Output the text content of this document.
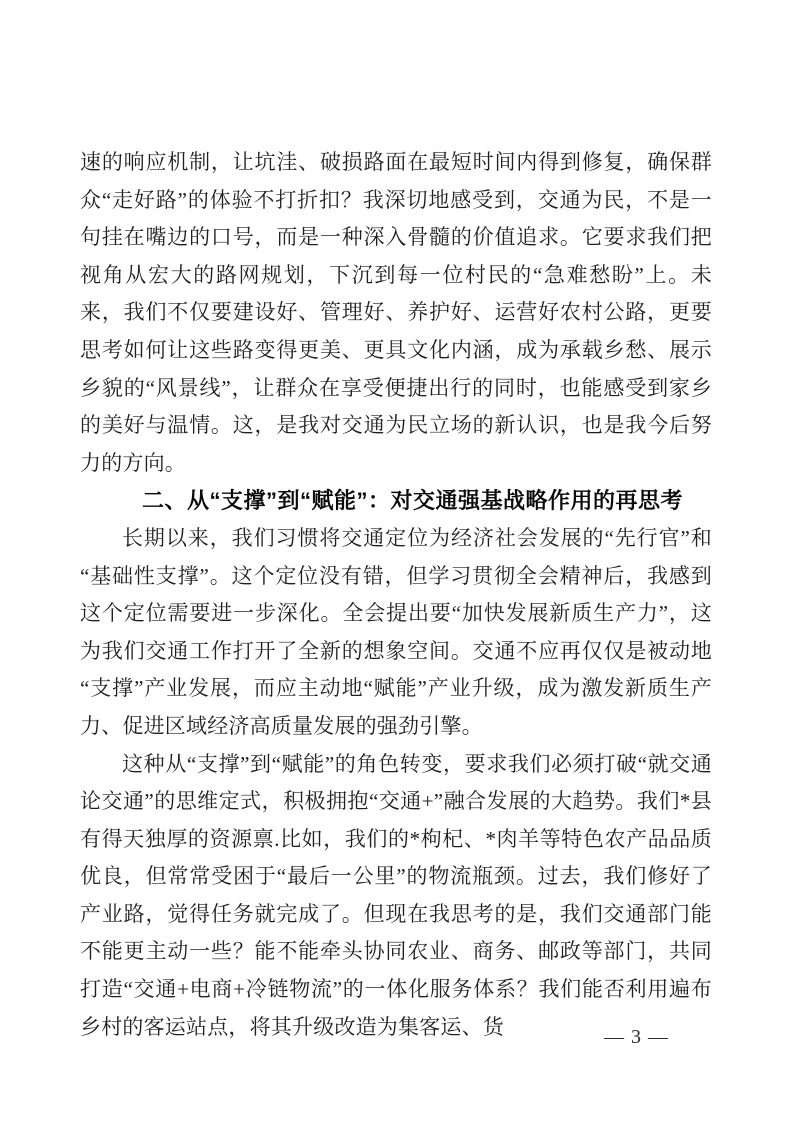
速的响应机制，让坑洼、破损路面在最短时间内得到修复，确保群众“走好路”的体验不打折扣？我深切地感受到，交通为民，不是一句挂在嘴边的口号，而是一种深入骨髓的价值追求。它要求我们把视角从宏大的路网规划，下沉到每一位村民的“急难愁盼”上。未来，我们不仅要建设好、管理好、养护好、运营好农村公路，更要思考如何让这些路变得更美、更具文化内涵，成为承载乡愁、展示乡貌的“风景线”，让群众在享受便捷出行的同时，也能感受到家乡的美好与温情。这，是我对交通为民立场的新认识，也是我今后努力的方向。

二、从“支撑”到“赋能”：对交通强基战略作用的再思考

长期以来，我们习惯将交通定位为经济社会发展的“先行官”和“基础性支撑”。这个定位没有错，但学习贯彻全会精神后，我感到这个定位需要进一步深化。全会提出要“加快发展新质生产力”，这为我们交通工作打开了全新的想象空间。交通不应再仅仅是被动地“支撑”产业发展，而应主动地“赋能”产业升级，成为激发新质生产力、促进区域经济高质量发展的强劲引擎。

这种从“支撑”到“赋能”的角色转变，要求我们必须打破“就交通论交通”的思维定式，积极拥抱“交通+”融合发展的大趋势。我们*县有得天独厚的资源禀.比如，我们的*枸杞、*肉羊等特色农产品品质优良，但常常受困于“最后一公里”的物流瓶颈。过去，我们修好了产业路，觉得任务就完成了。但现在我思考的是，我们交通部门能不能更主动一些？能不能牵头协同农业、商务、邮政等部门，共同打造“交通+电商+冷链物流”的一体化服务体系？我们能否利用遍布乡村的客运站点，将其升级改造为集客运、货	— 3 —
